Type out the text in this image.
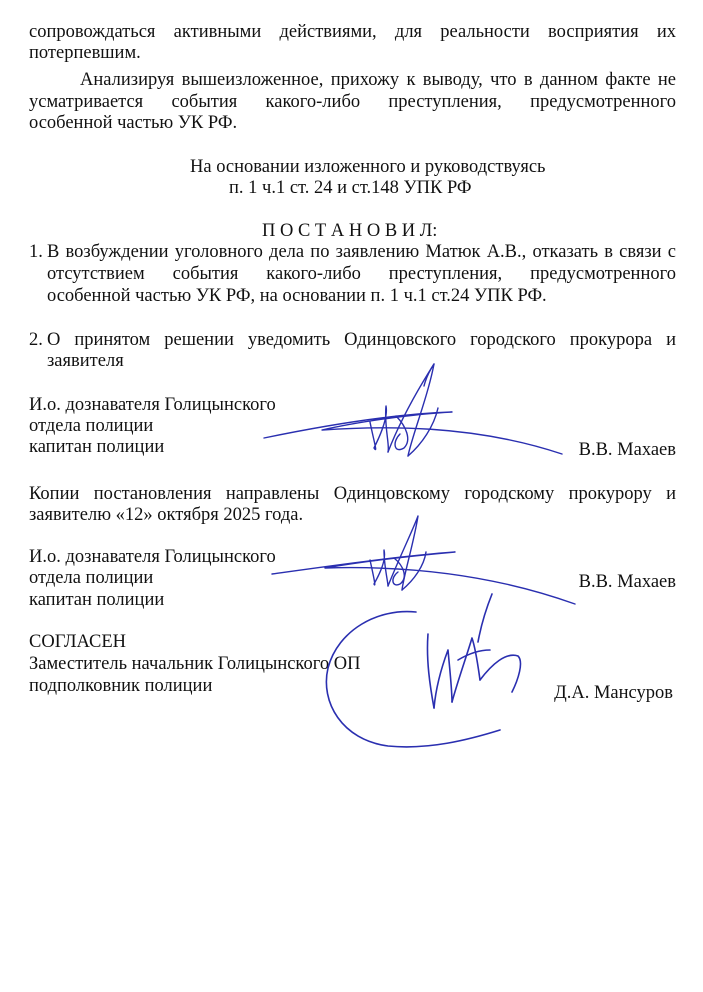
сопровождаться активными действиями, для реальности восприятия их
потерпевшим.
Анализируя вышеизложенное, прихожу к выводу, что в данном факте не
усматривается события какого-либо преступления, предусмотренного
особенной частью УК РФ.
На основании изложенного и руководствуясь
п. 1 ч.1 ст. 24 и ст.148 УПК РФ
П О С Т А Н О В И Л:
1. В возбуждении уголовного дела по заявлению Матюк А.В., отказать в связи с
отсутствием события какого-либо преступления, предусмотренного
особенной частью УК РФ, на основании п. 1 ч.1 ст.24 УПК РФ.
2. О принятом решении уведомить Одинцовского городского прокурора и
заявителя
И.о. дознавателя Голицынского
отдела полиции
капитан полиции	В.В. Махаев
Копии постановления направлены Одинцовскому городскому прокурору и
заявителю «12» октября 2025 года.
И.о. дознавателя Голицынского
отдела полиции
капитан полиции
В.В. Махаев
СОГЛАСЕН
Заместитель начальник Голицынского ОП
подполковник полиции	Д.А. Мансуров
